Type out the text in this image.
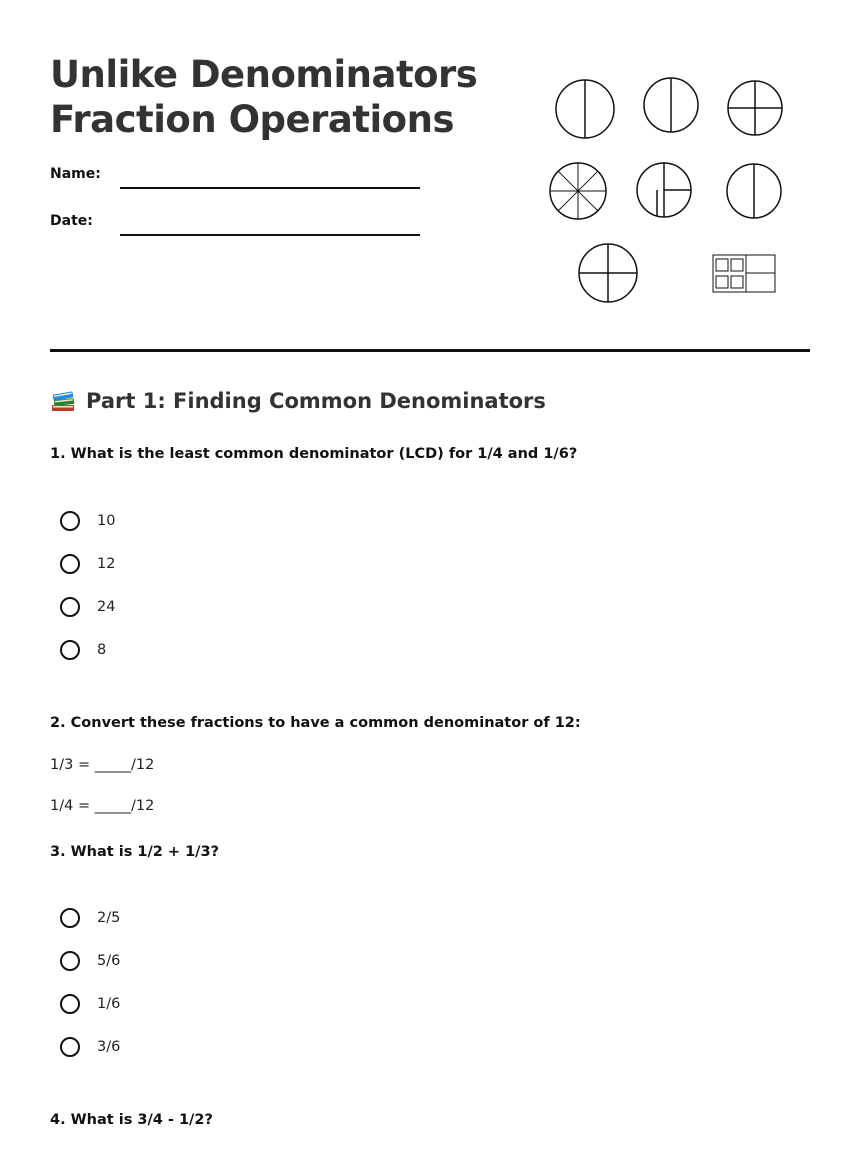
Unlike Denominators
Fraction Operations
Name:
Date:
Part 1: Finding Common Denominators

1. What is the least common denominator (LCD) for 1/4 and 1/6?

10
12
24
8

2. Convert these fractions to have a common denominator of 12:

1/3 = _____/12
1/4 = _____/12

3. What is 1/2 + 1/3?

2/5
5/6
1/6
3/6

4. What is 3/4 - 1/2?
